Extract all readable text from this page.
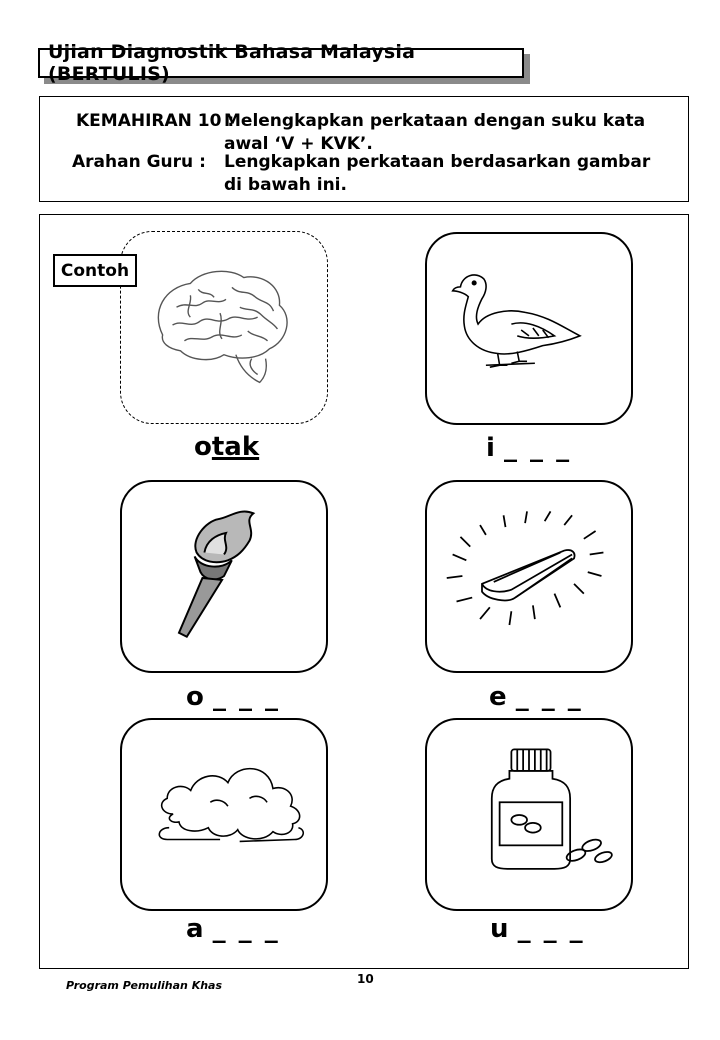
Ujian Diagnostik Bahasa Malaysia (BERTULIS)
KEMAHIRAN 10 :
Melengkapkan perkataan dengan suku kata
awal ‘V + KVK’.
Arahan Guru : Lengkapkan perkataan berdasarkan gambar
di bawah ini.
Contoh
otak	i _ _ _
o _ _ _	e _ _ _
a _ _ _	u _ _ _
Program Pemulihan Khas	10
